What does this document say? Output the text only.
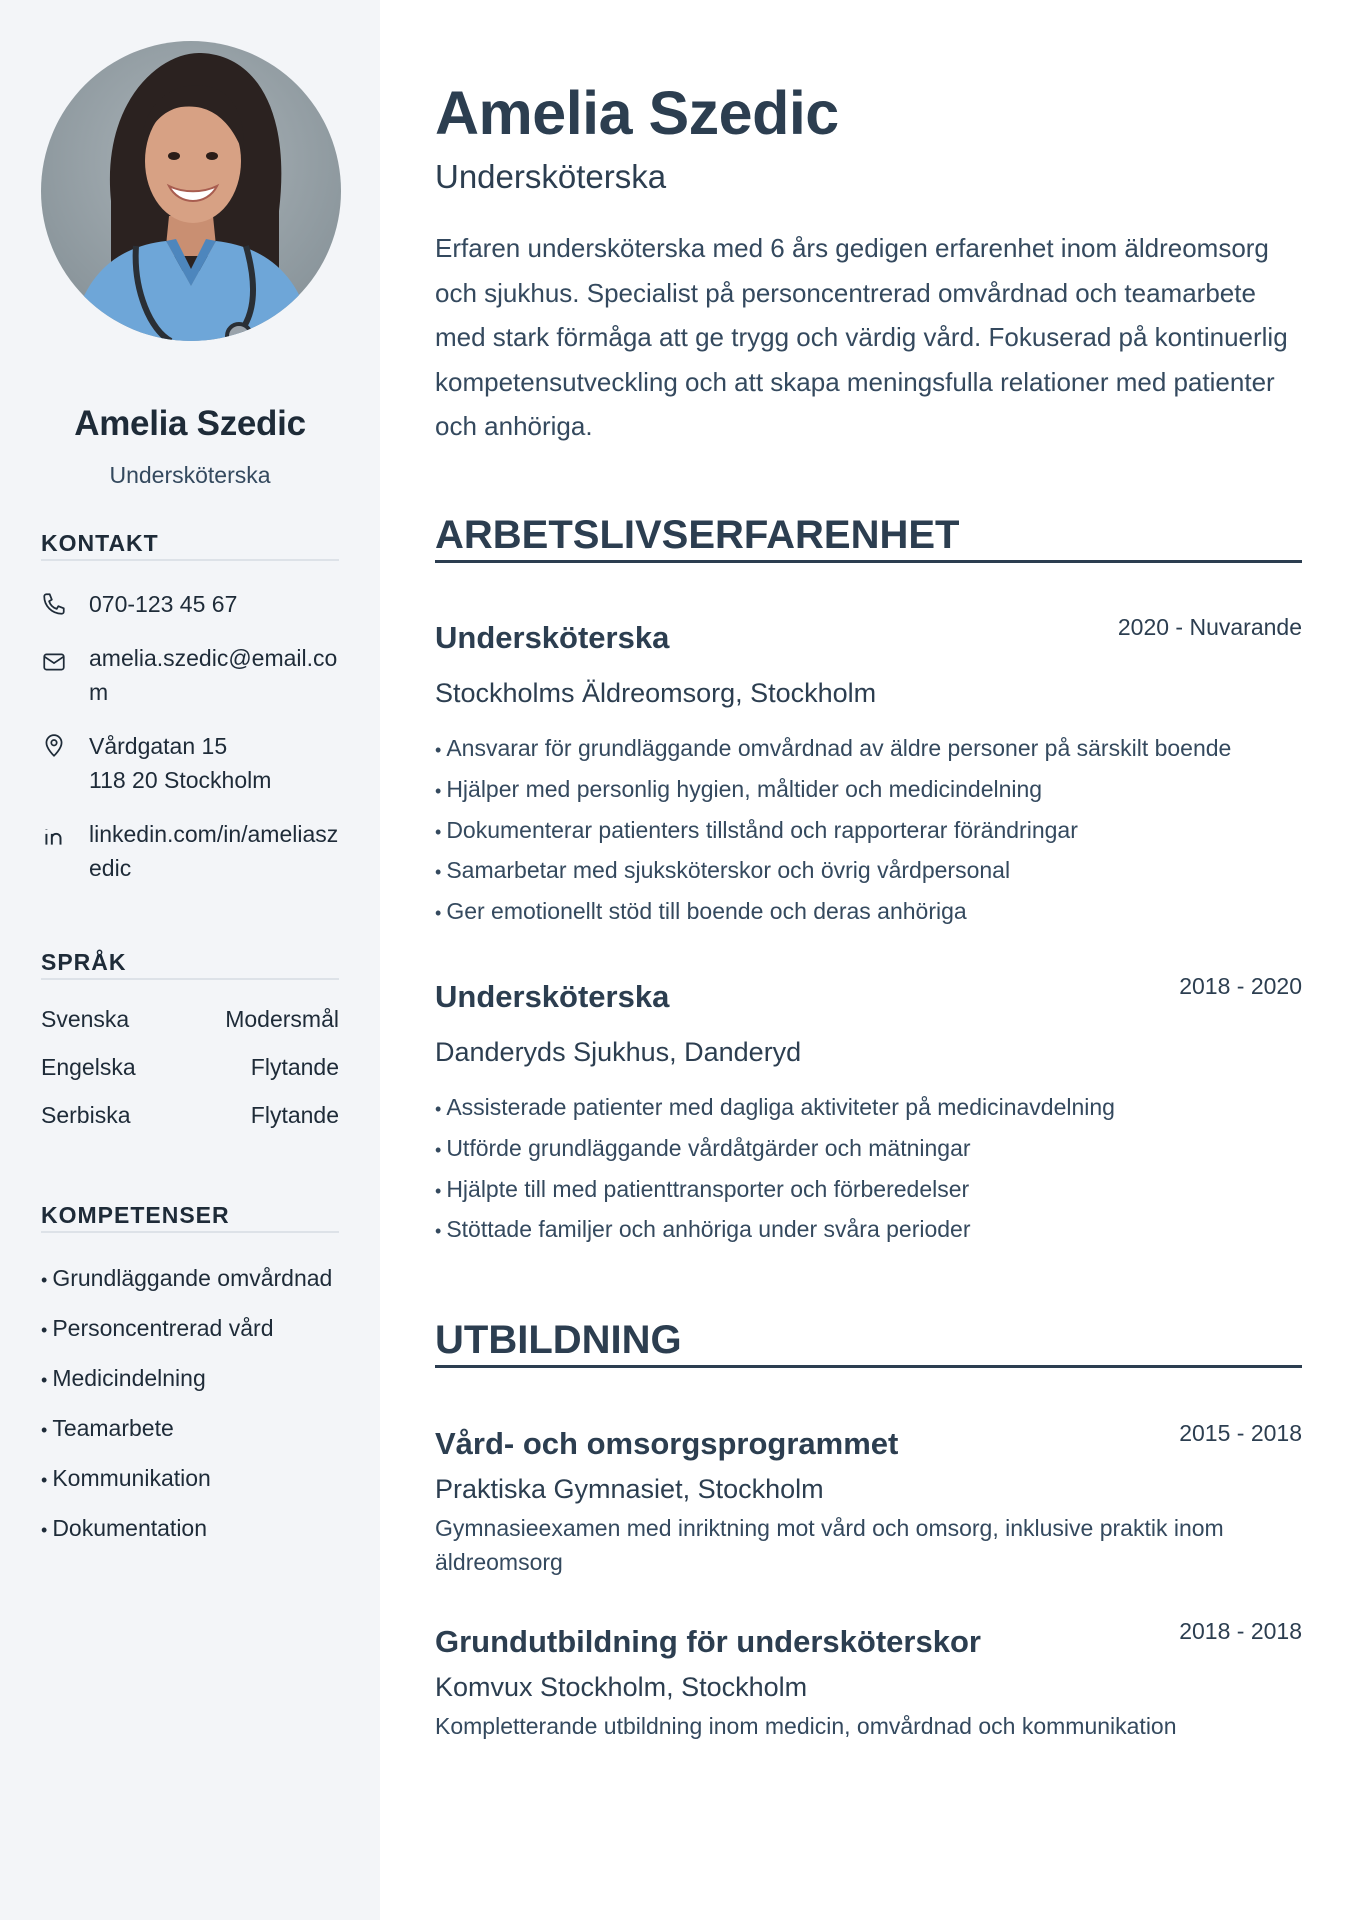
Amelia Szedic
Undersköterska
KONTAKT
070-123 45 67
amelia.szedic@email.com
Vårdgatan 15
118 20 Stockholm
linkedin.com/in/ameliaszedic
SPRÅK
Svenska	Modersmål
Engelska	Flytande
Serbiska	Flytande
KOMPETENSER
• Grundläggande omvårdnad
• Personcentrerad vård
• Medicindelning
• Teamarbete
• Kommunikation
• Dokumentation
Amelia Szedic
Undersköterska

Erfaren undersköterska med 6 års gedigen erfarenhet inom äldreomsorg och sjukhus. Specialist på personcentrerad omvårdnad och teamarbete med stark förmåga att ge trygg och värdig vård. Fokuserad på kontinuerlig kompetensutveckling och att skapa meningsfulla relationer med patienter och anhöriga.

ARBETSLIVSERFARENHET
Undersköterska	2020 - Nuvarande
Stockholms Äldreomsorg, Stockholm
• Ansvarar för grundläggande omvårdnad av äldre personer på särskilt boende
• Hjälper med personlig hygien, måltider och medicindelning
• Dokumenterar patienters tillstånd och rapporterar förändringar
• Samarbetar med sjuksköterskor och övrig vårdpersonal
• Ger emotionellt stöd till boende och deras anhöriga
Undersköterska	2018 - 2020
Danderyds Sjukhus, Danderyd
• Assisterade patienter med dagliga aktiviteter på medicinavdelning
• Utförde grundläggande vårdåtgärder och mätningar
• Hjälpte till med patienttransporter och förberedelser
• Stöttade familjer och anhöriga under svåra perioder
UTBILDNING
Vård- och omsorgsprogrammet	2015 - 2018
Praktiska Gymnasiet, Stockholm
Gymnasieexamen med inriktning mot vård och omsorg, inklusive praktik inom äldreomsorg
Grundutbildning för undersköterskor	2018 - 2018
Komvux Stockholm, Stockholm
Kompletterande utbildning inom medicin, omvårdnad och kommunikation
